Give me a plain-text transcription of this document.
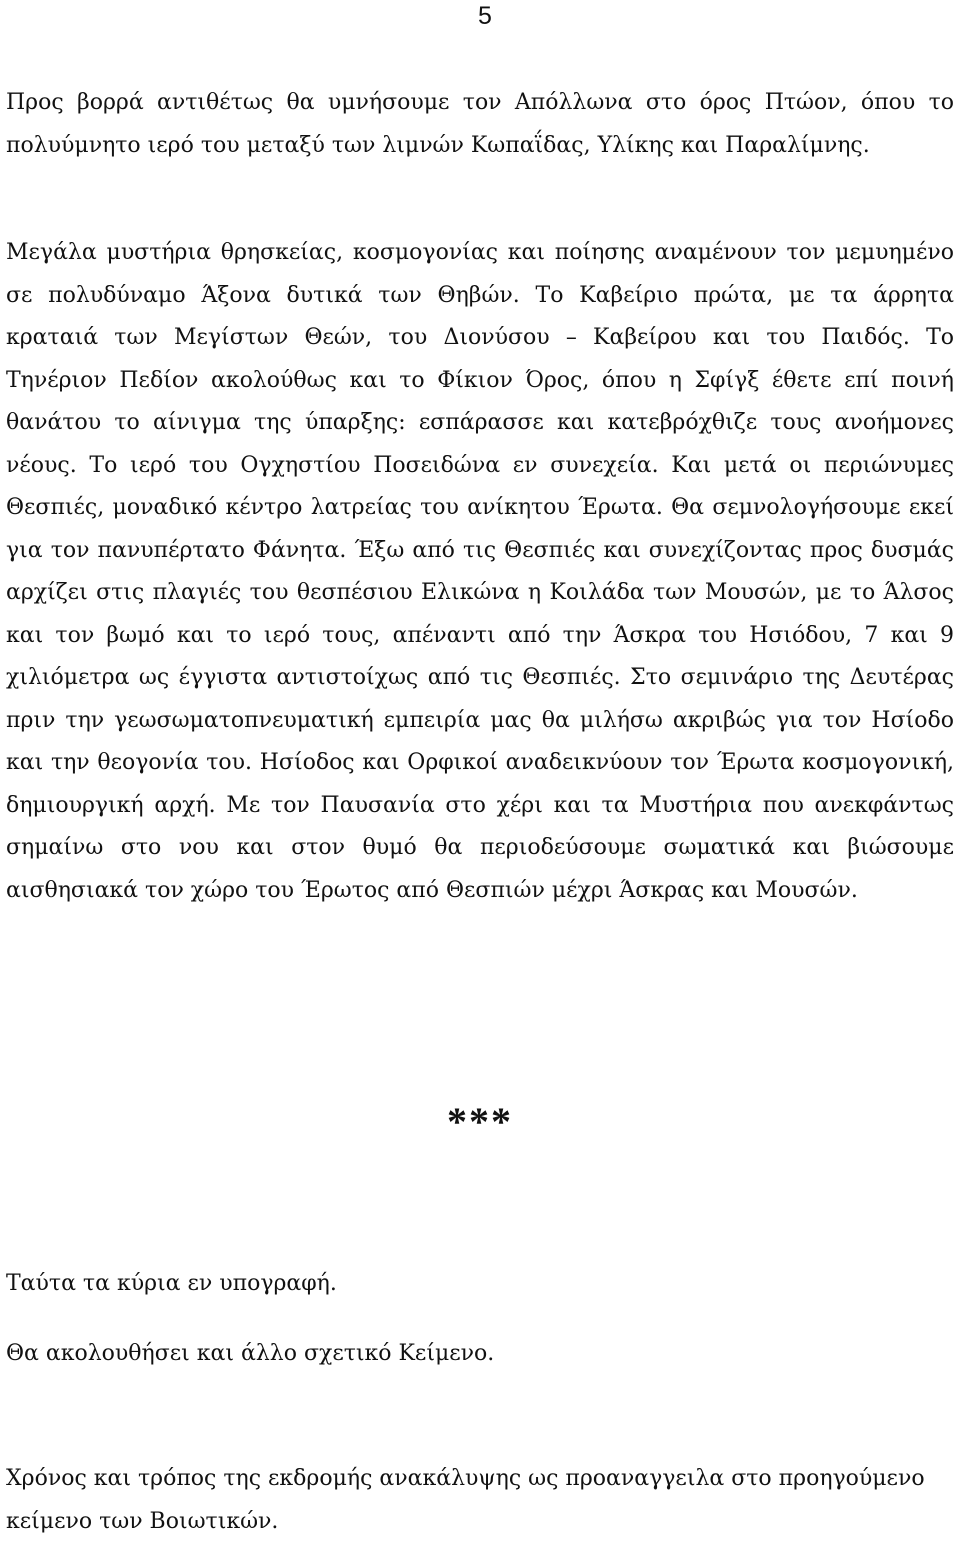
5

Προς βορρά αντιθέτως θα υμνήσουμε τον Απόλλωνα στο όρος Πτώον, όπου το πολυύμνητο ιερό του μεταξύ των λιμνών Κωπαΐδας, Υλίκης και Παραλίμνης.

Μεγάλα μυστήρια θρησκείας, κοσμογονίας και ποίησης αναμένουν τον μεμυημένο σε πολυδύναμο Άξονα δυτικά των Θηβών. Το Καβείριο πρώτα, με τα άρρητα κραταιά των Μεγίστων Θεών, του Διονύσου – Καβείρου και του Παιδός. Το Τηνέριον Πεδίον ακολούθως και το Φίκιον Όρος, όπου η Σφίγξ έθετε επί ποινή θανάτου το αίνιγμα της ύπαρξης: εσπάρασσε και κατεβρόχθιζε τους ανοήμονες νέους. Το ιερό του Ογχηστίου Ποσειδώνα εν συνεχεία. Και μετά οι περιώνυμες Θεσπιές, μοναδικό κέντρο λατρείας του ανίκητου Έρωτα. Θα σεμνολογήσουμε εκεί για τον πανυπέρτατο Φάνητα. Έξω από τις Θεσπιές και συνεχίζοντας προς δυσμάς αρχίζει στις πλαγιές του θεσπέσιου Ελικώνα η Κοιλάδα των Μουσών, με το Άλσος και τον βωμό και το ιερό τους, απέναντι από την Άσκρα του Ησιόδου, 7 και 9 χιλιόμετρα ως έγγιστα αντιστοίχως από τις Θεσπιές. Στο σεμινάριο της Δευτέρας πριν την γεωσωματοπνευματική εμπειρία μας θα μιλήσω ακριβώς για τον Ησίοδο και την θεογονία του. Ησίοδος και Ορφικοί αναδεικνύουν τον Έρωτα κοσμογονική, δημιουργική αρχή. Με τον Παυσανία στο χέρι και τα Μυστήρια που ανεκφάντως σημαίνω στο νου και στον θυμό θα περιοδεύσουμε σωματικά και βιώσουμε αισθησιακά τον χώρο του Έρωτος από Θεσπιών μέχρι Άσκρας και Μουσών.

***

Ταύτα τα κύρια εν υπογραφή.

Θα ακολουθήσει και άλλο σχετικό Κείμενο.

Χρόνος και τρόπος της εκδρομής ανακάλυψης ως προαναγγειλα στο προηγούμενο κείμενο των Βοιωτικών.
